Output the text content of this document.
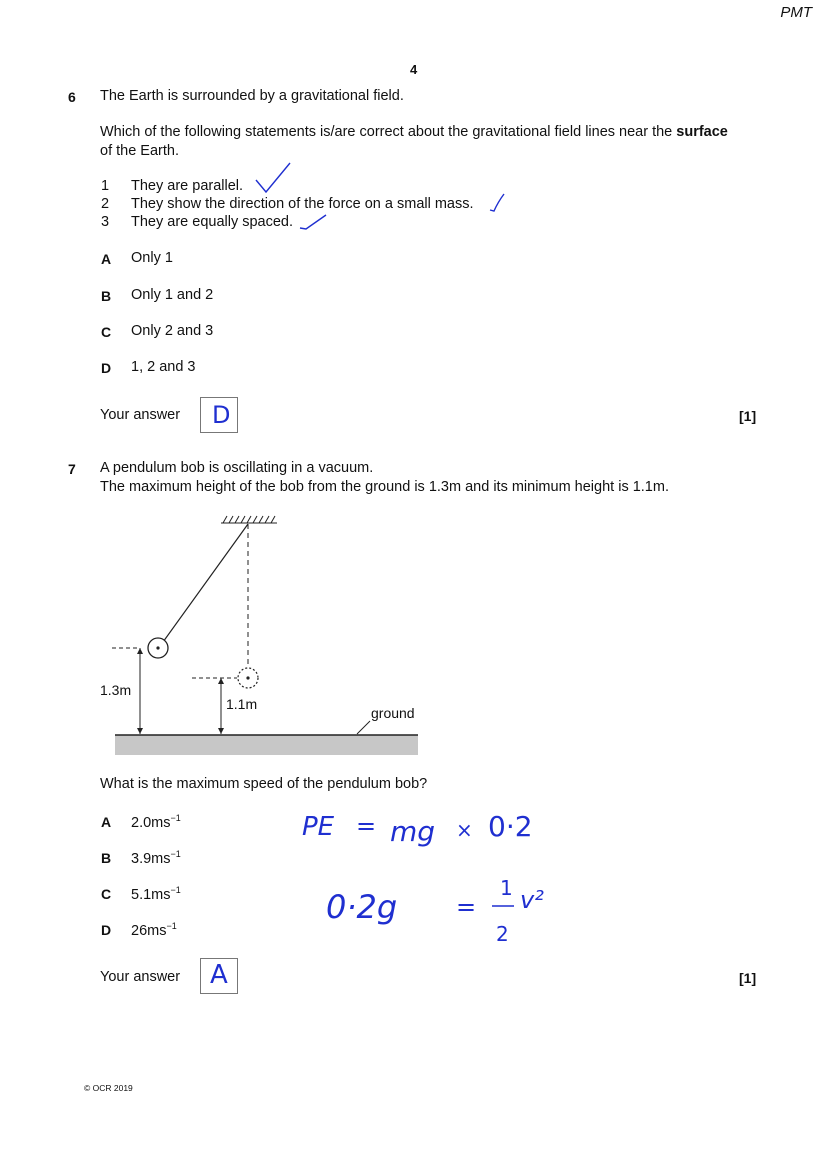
PMT
4
6 The Earth is surrounded by a gravitational field.
Which of the following statements is/are correct about the gravitational field lines near the surface
of the Earth.
1 They are parallel.
2 They show the direction of the force on a small mass.
3 They are equally spaced.
A Only 1
B Only 1 and 2
C Only 2 and 3
D 1, 2 and 3
Your answer D	[1]
7 A pendulum bob is oscillating in a vacuum.
The maximum height of the bob from the ground is 1.3m and its minimum height is 1.1m.
1.3m
1.1m
ground
What is the maximum speed of the pendulum bob?
A $2.0ms^{-1}$
B $3.9ms^{-1}$
C $5.1ms^{-1}$
D $26ms^{-1}$
PE = mg × 0·2
0·2g =
1
2
v²
Your answer A	[1]
© OCR 2019
